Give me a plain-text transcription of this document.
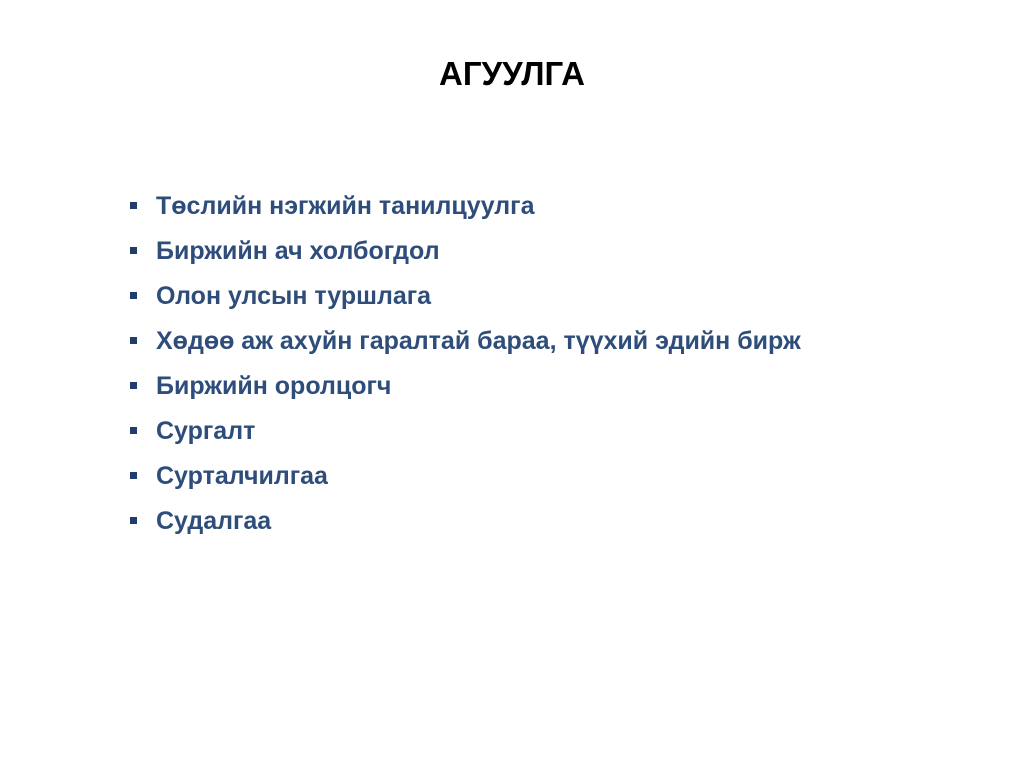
АГУУЛГА
Төслийн нэгжийн танилцуулга
Биржийн ач холбогдол
Олон улсын туршлага
Хөдөө аж ахуйн гаралтай бараа, түүхий эдийн бирж
Биржийн оролцогч
Сургалт
Сурталчилгаа
Судалгаа
